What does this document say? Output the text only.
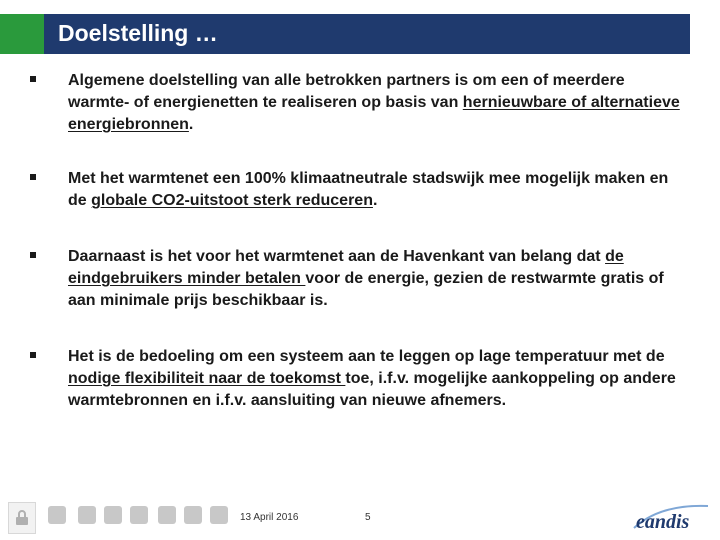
Doelstelling …
Algemene doelstelling van alle betrokken partners is om een of meerdere warmte- of energienetten te realiseren op basis van hernieuwbare of alternatieve energiebronnen.
Met het warmtenet een 100% klimaatneutrale stadswijk mee mogelijk maken en de globale CO2-uitstoot sterk reduceren.
Daarnaast is het voor het warmtenet aan de Havenkant van belang dat de eindgebruikers minder betalen voor de energie, gezien de restwarmte gratis of aan minimale prijs beschikbaar is.
Het is de bedoeling om een systeem aan te leggen op lage temperatuur met de nodige flexibiliteit naar de toekomst toe, i.f.v. mogelijke aankoppeling op andere warmtebronnen en i.f.v. aansluiting van nieuwe afnemers.
13 April 2016	5	eandis
